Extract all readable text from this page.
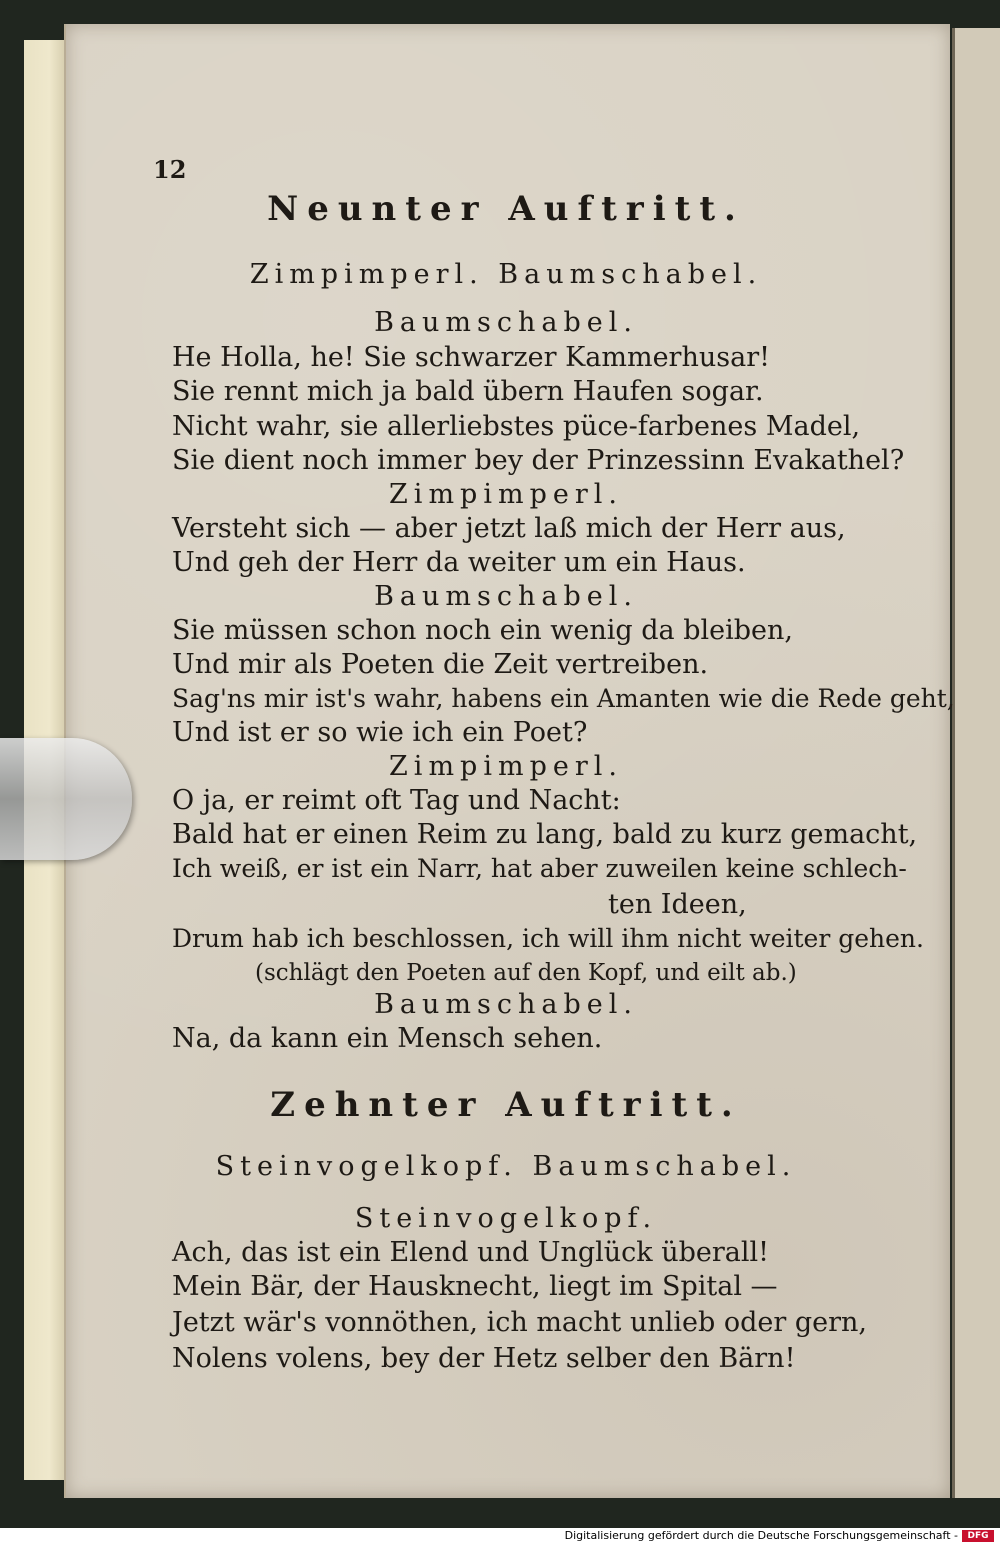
12
Neunter Auftritt.
Zimpimperl. Baumschabel.
Baumschabel.
He Holla, he! Sie schwarzer Kammerhusar!
Sie rennt mich ja bald übern Haufen sogar.
Nicht wahr, sie allerliebstes püce-farbenes Madel,
Sie dient noch immer bey der Prinzessinn Evakathel?
Zimpimperl.
Versteht sich — aber jetzt laß mich der Herr aus,
Und geh der Herr da weiter um ein Haus.
Baumschabel.
Sie müssen schon noch ein wenig da bleiben,
Und mir als Poeten die Zeit vertreiben.
Sag'ns mir ist's wahr, habens ein Amanten wie die Rede geht,
Und ist er so wie ich ein Poet?
Zimpimperl.
O ja, er reimt oft Tag und Nacht:
Bald hat er einen Reim zu lang, bald zu kurz gemacht,
Ich weiß, er ist ein Narr, hat aber zuweilen keine schlech-
ten Ideen,
Drum hab ich beschlossen, ich will ihm nicht weiter gehen.
(schlägt den Poeten auf den Kopf, und eilt ab.)
Baumschabel.
Na, da kann ein Mensch sehen.
Zehnter Auftritt.
Steinvogelkopf. Baumschabel.
Steinvogelkopf.
Ach, das ist ein Elend und Unglück überall!
Mein Bär, der Hausknecht, liegt im Spital —
Jetzt wär's vonnöthen, ich macht unlieb oder gern,
Nolens volens, bey der Hetz selber den Bärn!
Digitalisierung gefördert durch die Deutsche Forschungsgemeinschaft -	DFG
